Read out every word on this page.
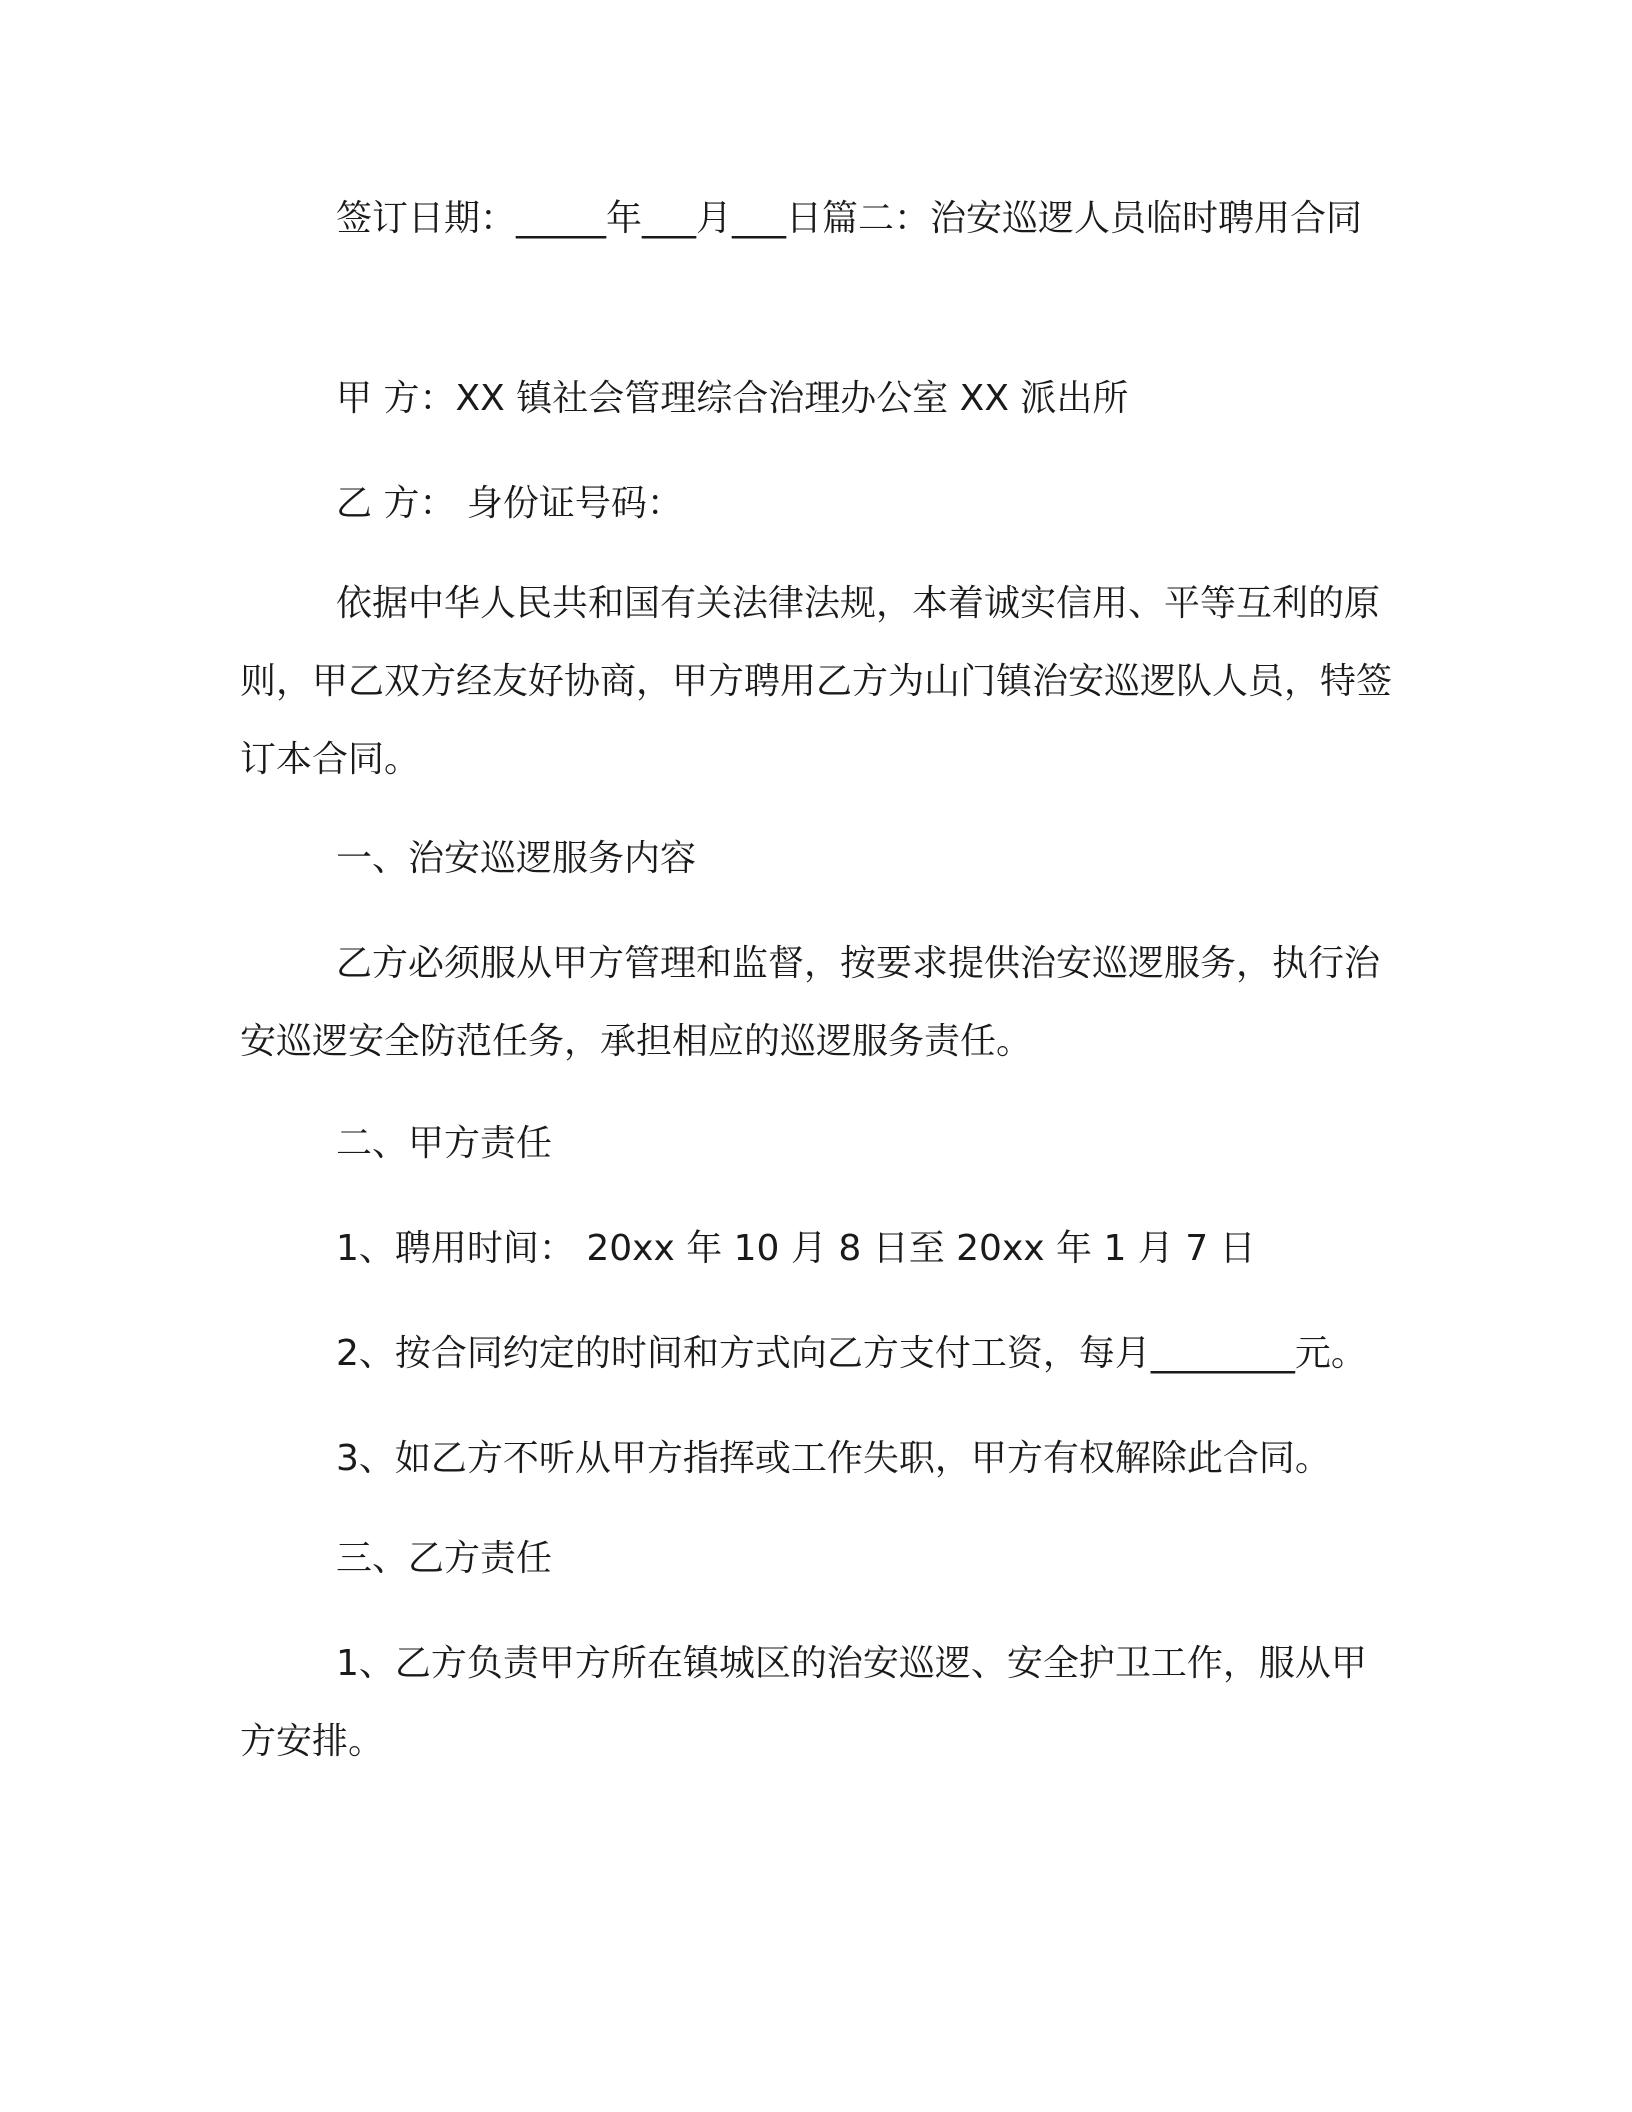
签订日期：_____年___月___日篇二：治安巡逻人员临时聘用合同

甲 方：XX 镇社会管理综合治理办公室 XX 派出所

乙 方： 身份证号码：

依据中华人民共和国有关法律法规，本着诚实信用、平等互利的原则，甲乙双方经友好协商，甲方聘用乙方为山门镇治安巡逻队人员，特签订本合同。

一、治安巡逻服务内容

乙方必须服从甲方管理和监督，按要求提供治安巡逻服务，执行治安巡逻安全防范任务，承担相应的巡逻服务责任。

二、甲方责任

1、聘用时间： 20xx 年 10 月 8 日至 20xx 年 1 月 7 日

2、按合同约定的时间和方式向乙方支付工资，每月________元。

3、如乙方不听从甲方指挥或工作失职，甲方有权解除此合同。

三、乙方责任

1、乙方负责甲方所在镇城区的治安巡逻、安全护卫工作，服从甲方安排。
